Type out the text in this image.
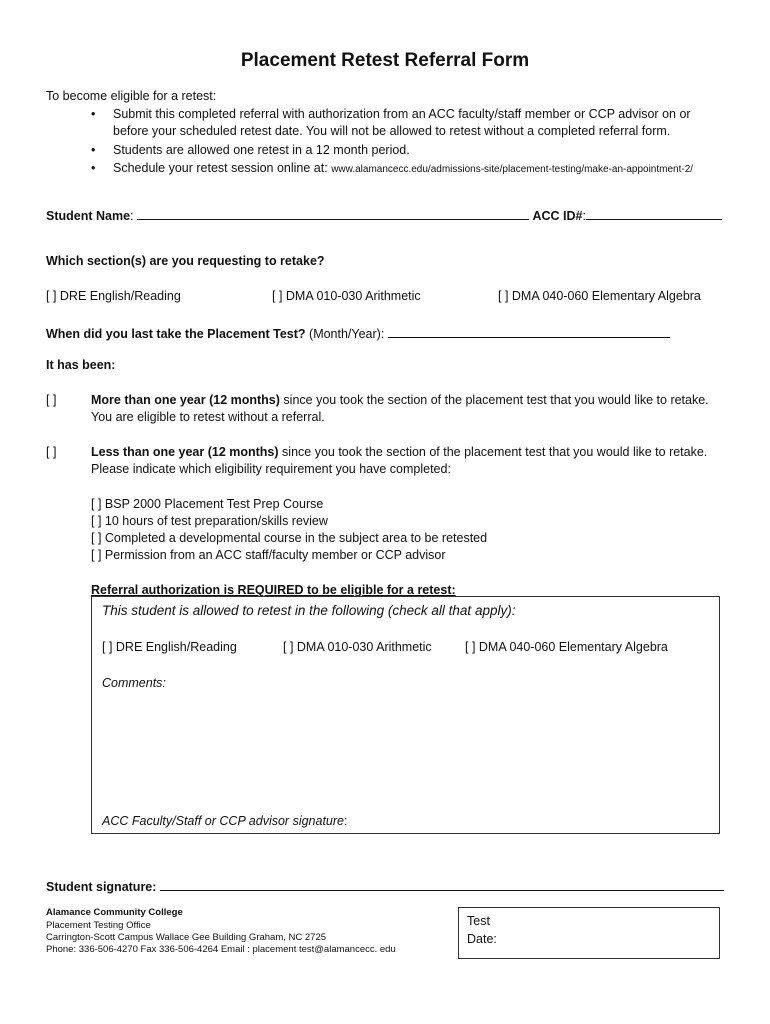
Placement Retest Referral Form
To become eligible for a retest:
• Submit this completed referral with authorization from an ACC faculty/staff member or CCP advisor on or
before your scheduled retest date. You will not be allowed to retest without a completed referral form.
• Students are allowed one retest in a 12 month period.
• Schedule your retest session online at: www.alamancecc.edu/admissions-site/placement-testing/make-an-appointment-2/
Student Name:	ACC ID#:
Which section(s) are you requesting to retake?
[ ] DRE English/Reading	[ ] DMA 010-030 Arithmetic	[ ] DMA 040-060 Elementary Algebra
When did you last take the Placement Test? (Month/Year):
It has been:
[ ]	More than one year (12 months) since you took the section of the placement test that you would like to retake.
You are eligible to retest without a referral.
[ ]	Less than one year (12 months) since you took the section of the placement test that you would like to retake.
Please indicate which eligibility requirement you have completed:
[ ] BSP 2000 Placement Test Prep Course
[ ] 10 hours of test preparation/skills review
[ ] Completed a developmental course in the subject area to be retested
[ ] Permission from an ACC staff/faculty member or CCP advisor
Referral authorization is REQUIRED to be eligible for a retest:
This student is allowed to retest in the following (check all that apply):
[ ] DRE English/Reading	[ ] DMA 010-030 Arithmetic	[ ] DMA 040-060 Elementary Algebra
Comments:
ACC Faculty/Staff or CCP advisor signature:
Student signature:
Alamance Community College
Placement Testing Office
Carrington-Scott Campus Wallace Gee Building Graham, NC 2725
Phone: 336-506-4270 Fax 336-506-4264 Email : placement test@alamancecc. edu
Test
Date:
